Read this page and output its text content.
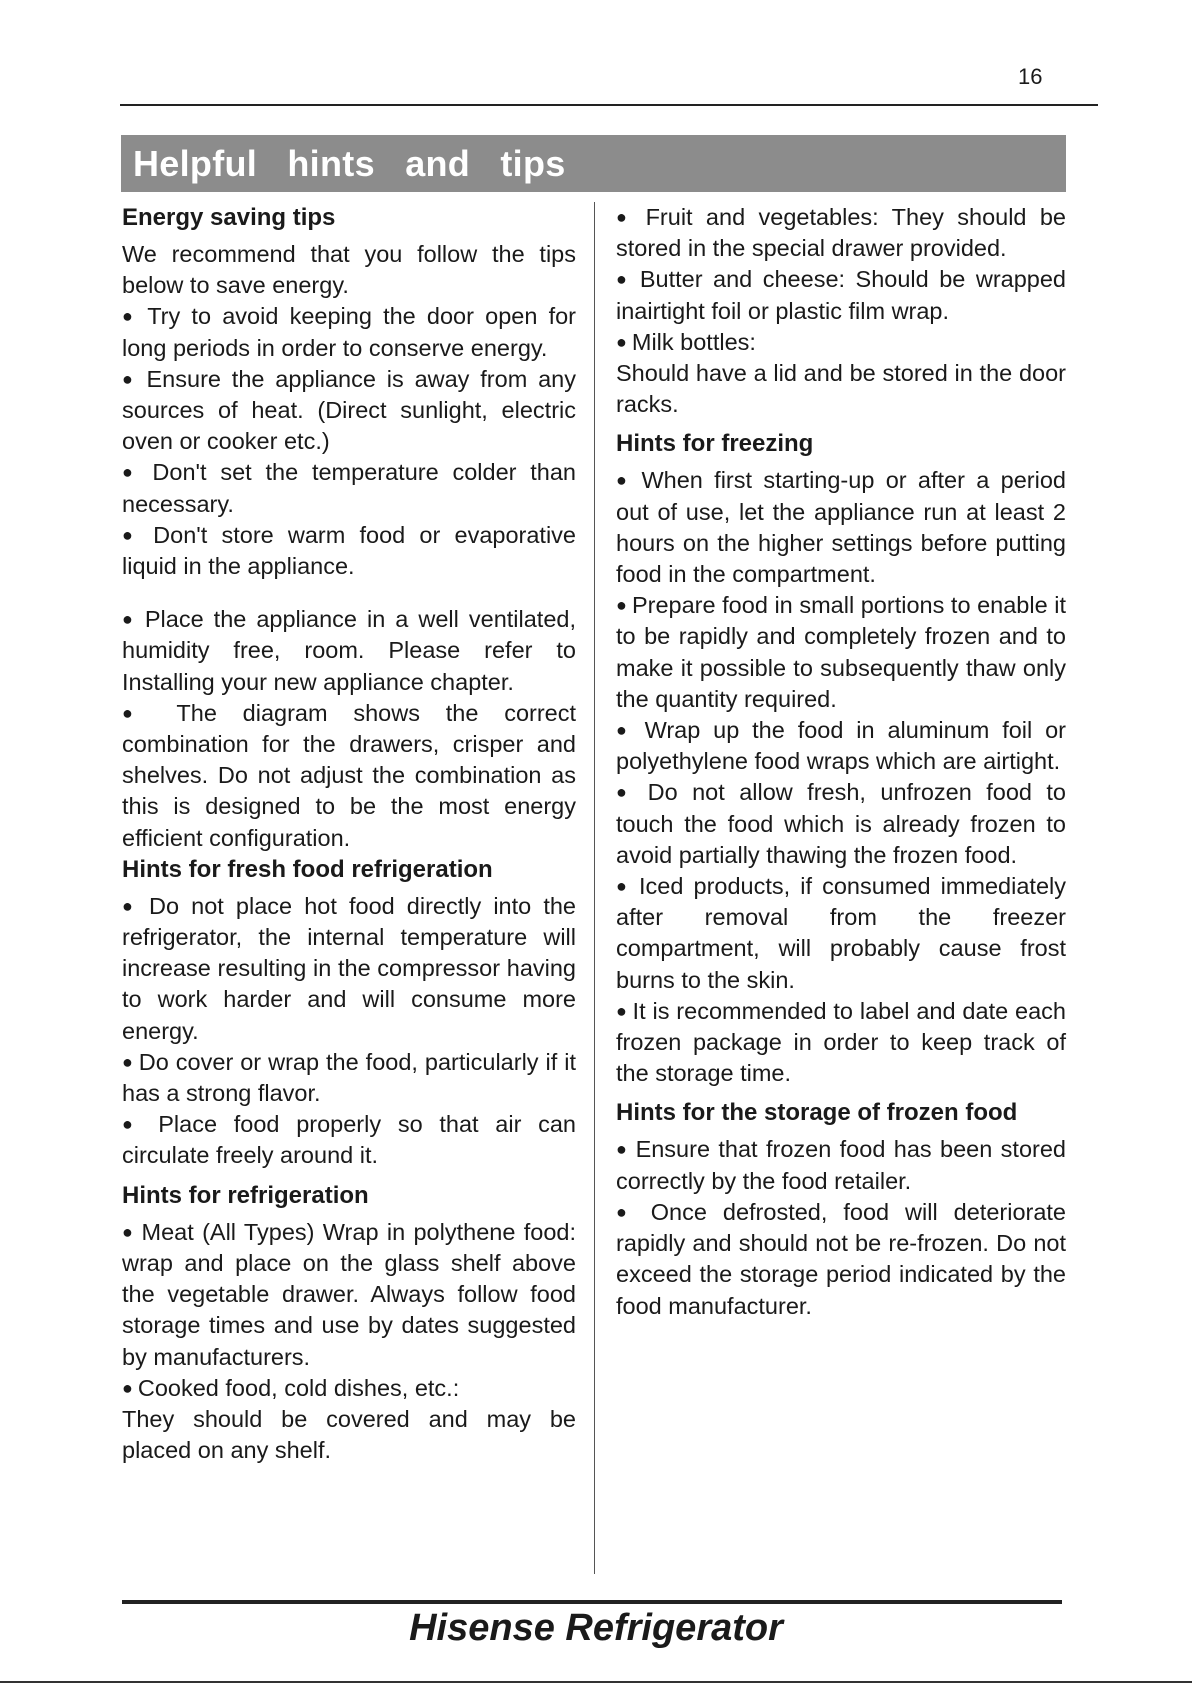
16
Helpful hints and tips
Energy saving tips

We recommend that you follow the tips below to save energy.

● Try to avoid keeping the door open for long periods in order to conserve energy.

● Ensure the appliance is away from any sources of heat. (Direct sunlight, electric oven or cooker etc.)

● Don't set the temperature colder than necessary.

● Don't store warm food or evaporative liquid in the appliance.

● Place the appliance in a well ventilated, humidity free, room. Please refer to Installing your new appliance chapter.

● The diagram shows the correct combination for the drawers, crisper and shelves. Do not adjust the combination as this is designed to be the most energy efficient configuration.

Hints for fresh food refrigeration

● Do not place hot food directly into the refrigerator, the internal temperature will increase resulting in the compressor having to work harder and will consume more energy.

● Do cover or wrap the food, particularly if it has a strong flavor.

● Place food properly so that air can circulate freely around it.

Hints for refrigeration

● Meat (All Types) Wrap in polythene food: wrap and place on the glass shelf above the vegetable drawer. Always follow food storage times and use by dates suggested by manufacturers.

● Cooked food, cold dishes, etc.:

They should be covered and may be placed on any shelf.

● Fruit and vegetables: They should be stored in the special drawer provided.

● Butter and cheese: Should be wrapped inairtight foil or plastic film wrap.

● Milk bottles:

Should have a lid and be stored in the door racks.

Hints for freezing

● When first starting-up or after a period out of use, let the appliance run at least 2 hours on the higher settings before putting food in the compartment.

● Prepare food in small portions to enable it to be rapidly and completely frozen and to make it possible to subsequently thaw only the quantity required.

● Wrap up the food in aluminum foil or polyethylene food wraps which are airtight.

● Do not allow fresh, unfrozen food to touch the food which is already frozen to avoid partially thawing the frozen food.

● Iced products, if consumed immediately after removal from the freezer compartment, will probably cause frost burns to the skin.

● It is recommended to label and date each frozen package in order to keep track of the storage time.

Hints for the storage of frozen food

● Ensure that frozen food has been stored correctly by the food retailer.

● Once defrosted, food will deteriorate rapidly and should not be re-frozen. Do not exceed the storage period indicated by the food manufacturer.

Hisense Refrigerator
